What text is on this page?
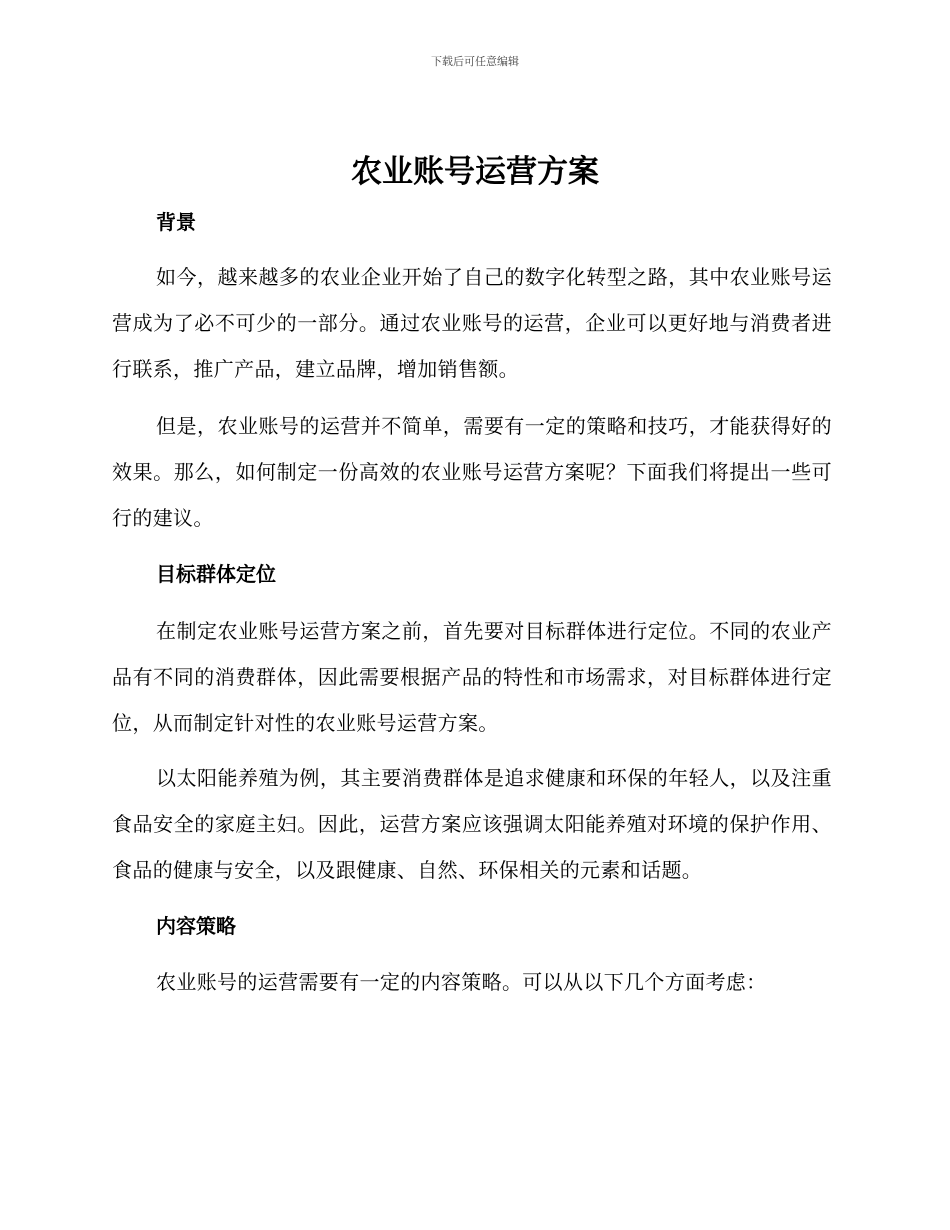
下载后可任意编辑
农业账号运营方案
背景

如今，越来越多的农业企业开始了自己的数字化转型之路，其中农业账号运营成为了必不可少的一部分。通过农业账号的运营，企业可以更好地与消费者进行联系，推广产品，建立品牌，增加销售额。

但是，农业账号的运营并不简单，需要有一定的策略和技巧，才能获得好的效果。那么，如何制定一份高效的农业账号运营方案呢？下面我们将提出一些可行的建议。

目标群体定位

在制定农业账号运营方案之前，首先要对目标群体进行定位。不同的农业产品有不同的消费群体，因此需要根据产品的特性和市场需求，对目标群体进行定位，从而制定针对性的农业账号运营方案。

以太阳能养殖为例，其主要消费群体是追求健康和环保的年轻人，以及注重食品安全的家庭主妇。因此，运营方案应该强调太阳能养殖对环境的保护作用、食品的健康与安全，以及跟健康、自然、环保相关的元素和话题。

内容策略

农业账号的运营需要有一定的内容策略。可以从以下几个方面考虑：
